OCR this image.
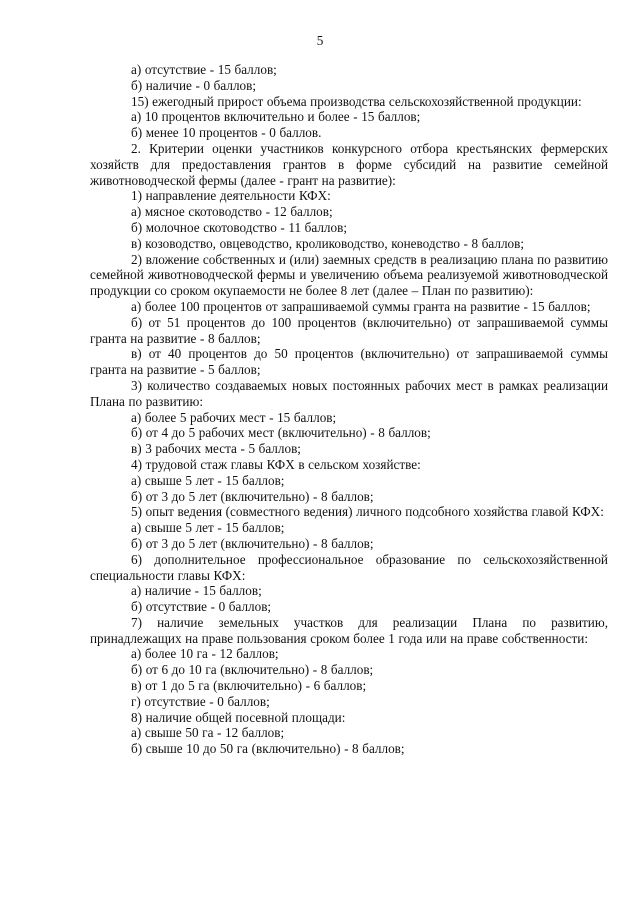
5

а) отсутствие - 15 баллов;

б) наличие - 0 баллов;

15) ежегодный прирост объема производства сельскохозяйственной продукции:

а) 10 процентов включительно и более - 15 баллов;

б) менее 10 процентов - 0 баллов.

2. Критерии оценки участников конкурсного отбора крестьянских фермерских хозяйств для предоставления грантов в форме субсидий на развитие семейной животноводческой фермы (далее - грант на развитие):

1) направление деятельности КФХ:

а) мясное скотоводство - 12 баллов;

б) молочное скотоводство - 11 баллов;

в) козоводство, овцеводство, кролиководство, коневодство - 8 баллов;

2) вложение собственных и (или) заемных средств в реализацию плана по развитию семейной животноводческой фермы и увеличению объема реализуемой животноводческой продукции со сроком окупаемости не более 8 лет (далее – План по развитию):

а) более 100 процентов от запрашиваемой суммы гранта на развитие - 15 баллов;

б) от 51 процентов до 100 процентов (включительно) от запрашиваемой суммы гранта на развитие - 8 баллов;

в) от 40 процентов до 50 процентов (включительно) от запрашиваемой суммы гранта на развитие - 5 баллов;

3) количество создаваемых новых постоянных рабочих мест в рамках реализации Плана по развитию:

а) более 5 рабочих мест - 15 баллов;

б) от 4 до 5 рабочих мест (включительно) - 8 баллов;

в) 3 рабочих места - 5 баллов;

4) трудовой стаж главы КФХ в сельском хозяйстве:

а) свыше 5 лет - 15 баллов;

б) от 3 до 5 лет (включительно) - 8 баллов;

5) опыт ведения (совместного ведения) личного подсобного хозяйства главой КФХ:

а) свыше 5 лет - 15 баллов;

б) от 3 до 5 лет (включительно) - 8 баллов;

6) дополнительное профессиональное образование по сельскохозяйственной специальности главы КФХ:

а) наличие - 15 баллов;

б) отсутствие - 0 баллов;

7) наличие земельных участков для реализации Плана по развитию, принадлежащих на праве пользования сроком более 1 года или на праве собственности:

а) более 10 га - 12 баллов;

б) от 6 до 10 га (включительно) - 8 баллов;

в) от 1 до 5 га (включительно) - 6 баллов;

г) отсутствие - 0 баллов;

8) наличие общей посевной площади:

а) свыше 50 га - 12 баллов;

б) свыше 10 до 50 га (включительно) - 8 баллов;
